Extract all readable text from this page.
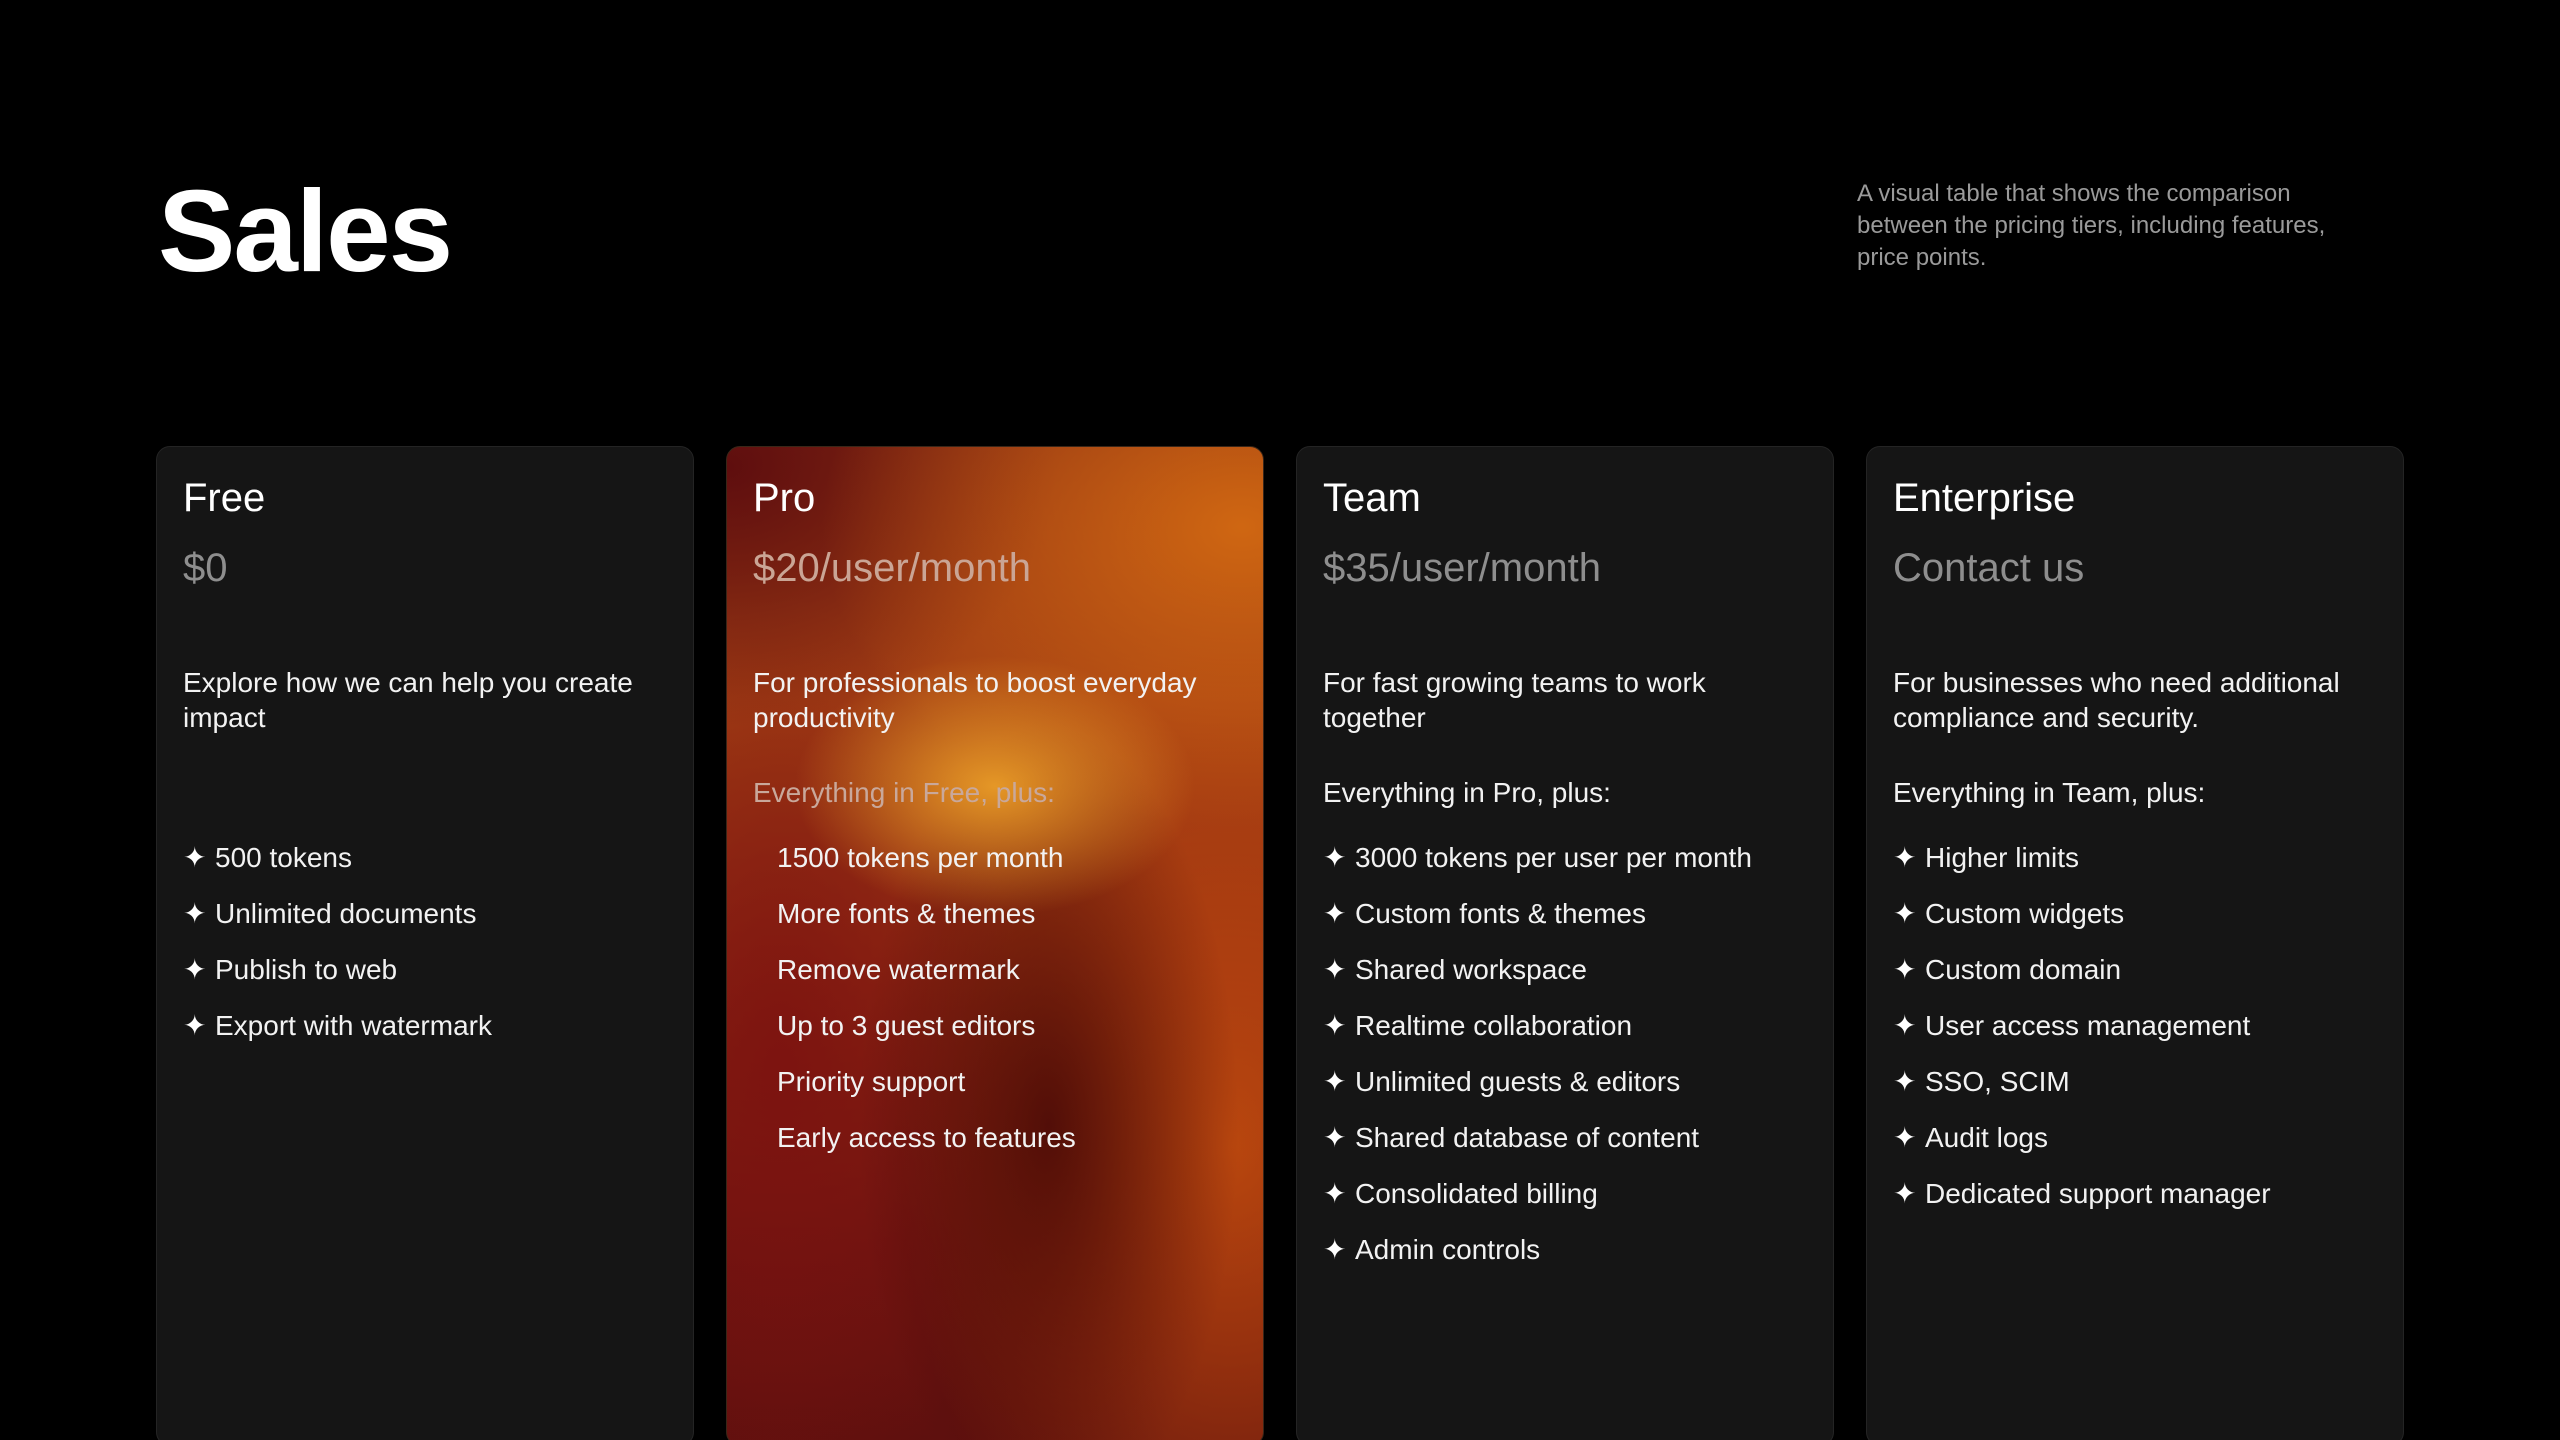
Sales	A visual table that shows the comparison between the pricing tiers, including features, price points.

Free

$0

Explore how we can help you create impact

✦ 500 tokens
✦ Unlimited documents
✦ Publish to web
✦ Export with watermark
Pro

$20/user/month

For professionals to boost everyday productivity

Everything in Free, plus:

1500 tokens per month
More fonts & themes
Remove watermark
Up to 3 guest editors
Priority support
Early access to features
Team

$35/user/month

For fast growing teams to work together

Everything in Pro, plus:

✦ 3000 tokens per user per month
✦ Custom fonts & themes
✦ Shared workspace
✦ Realtime collaboration
✦ Unlimited guests & editors
✦ Shared database of content
✦ Consolidated billing
✦ Admin controls
Enterprise

Contact us

For businesses who need additional compliance and security.

Everything in Team, plus:

✦ Higher limits
✦ Custom widgets
✦ Custom domain
✦ User access management
✦ SSO, SCIM
✦ Audit logs
✦ Dedicated support manager
